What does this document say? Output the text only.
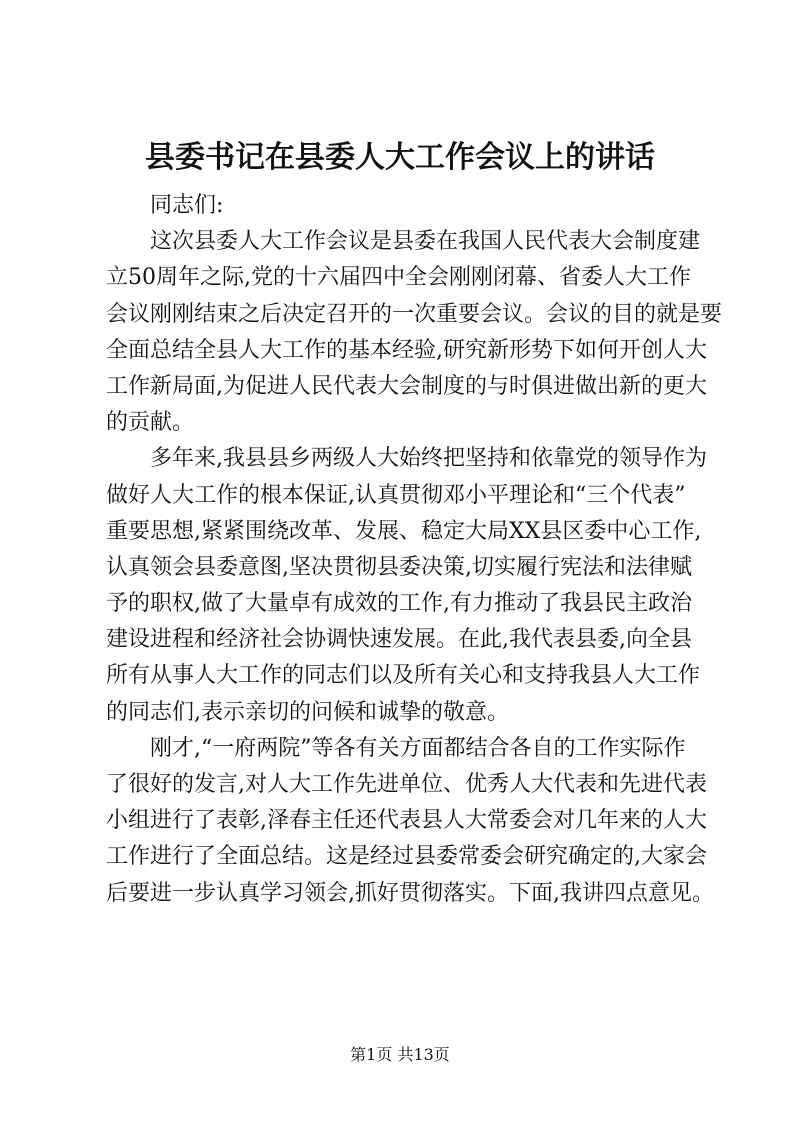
县委书记在县委人大工作会议上的讲话
同志们:
这次县委人大工作会议是县委在我国人民代表大会制度建
立50周年之际,党的十六届四中全会刚刚闭幕、省委人大工作
会议刚刚结束之后决定召开的一次重要会议。会议的目的就是要
全面总结全县人大工作的基本经验,研究新形势下如何开创人大
工作新局面,为促进人民代表大会制度的与时俱进做出新的更大
的贡献。
多年来,我县县乡两级人大始终把坚持和依靠党的领导作为
做好人大工作的根本保证,认真贯彻邓小平理论和“三个代表”
重要思想,紧紧围绕改革、发展、稳定大局XX县区委中心工作,
认真领会县委意图,坚决贯彻县委决策,切实履行宪法和法律赋
予的职权,做了大量卓有成效的工作,有力推动了我县民主政治
建设进程和经济社会协调快速发展。在此,我代表县委,向全县
所有从事人大工作的同志们以及所有关心和支持我县人大工作
的同志们,表示亲切的问候和诚挚的敬意。
刚才,“一府两院”等各有关方面都结合各自的工作实际作
了很好的发言,对人大工作先进单位、优秀人大代表和先进代表
小组进行了表彰,泽春主任还代表县人大常委会对几年来的人大
工作进行了全面总结。这是经过县委常委会研究确定的,大家会
后要进一步认真学习领会,抓好贯彻落实。下面,我讲四点意见。
第1页 共13页
